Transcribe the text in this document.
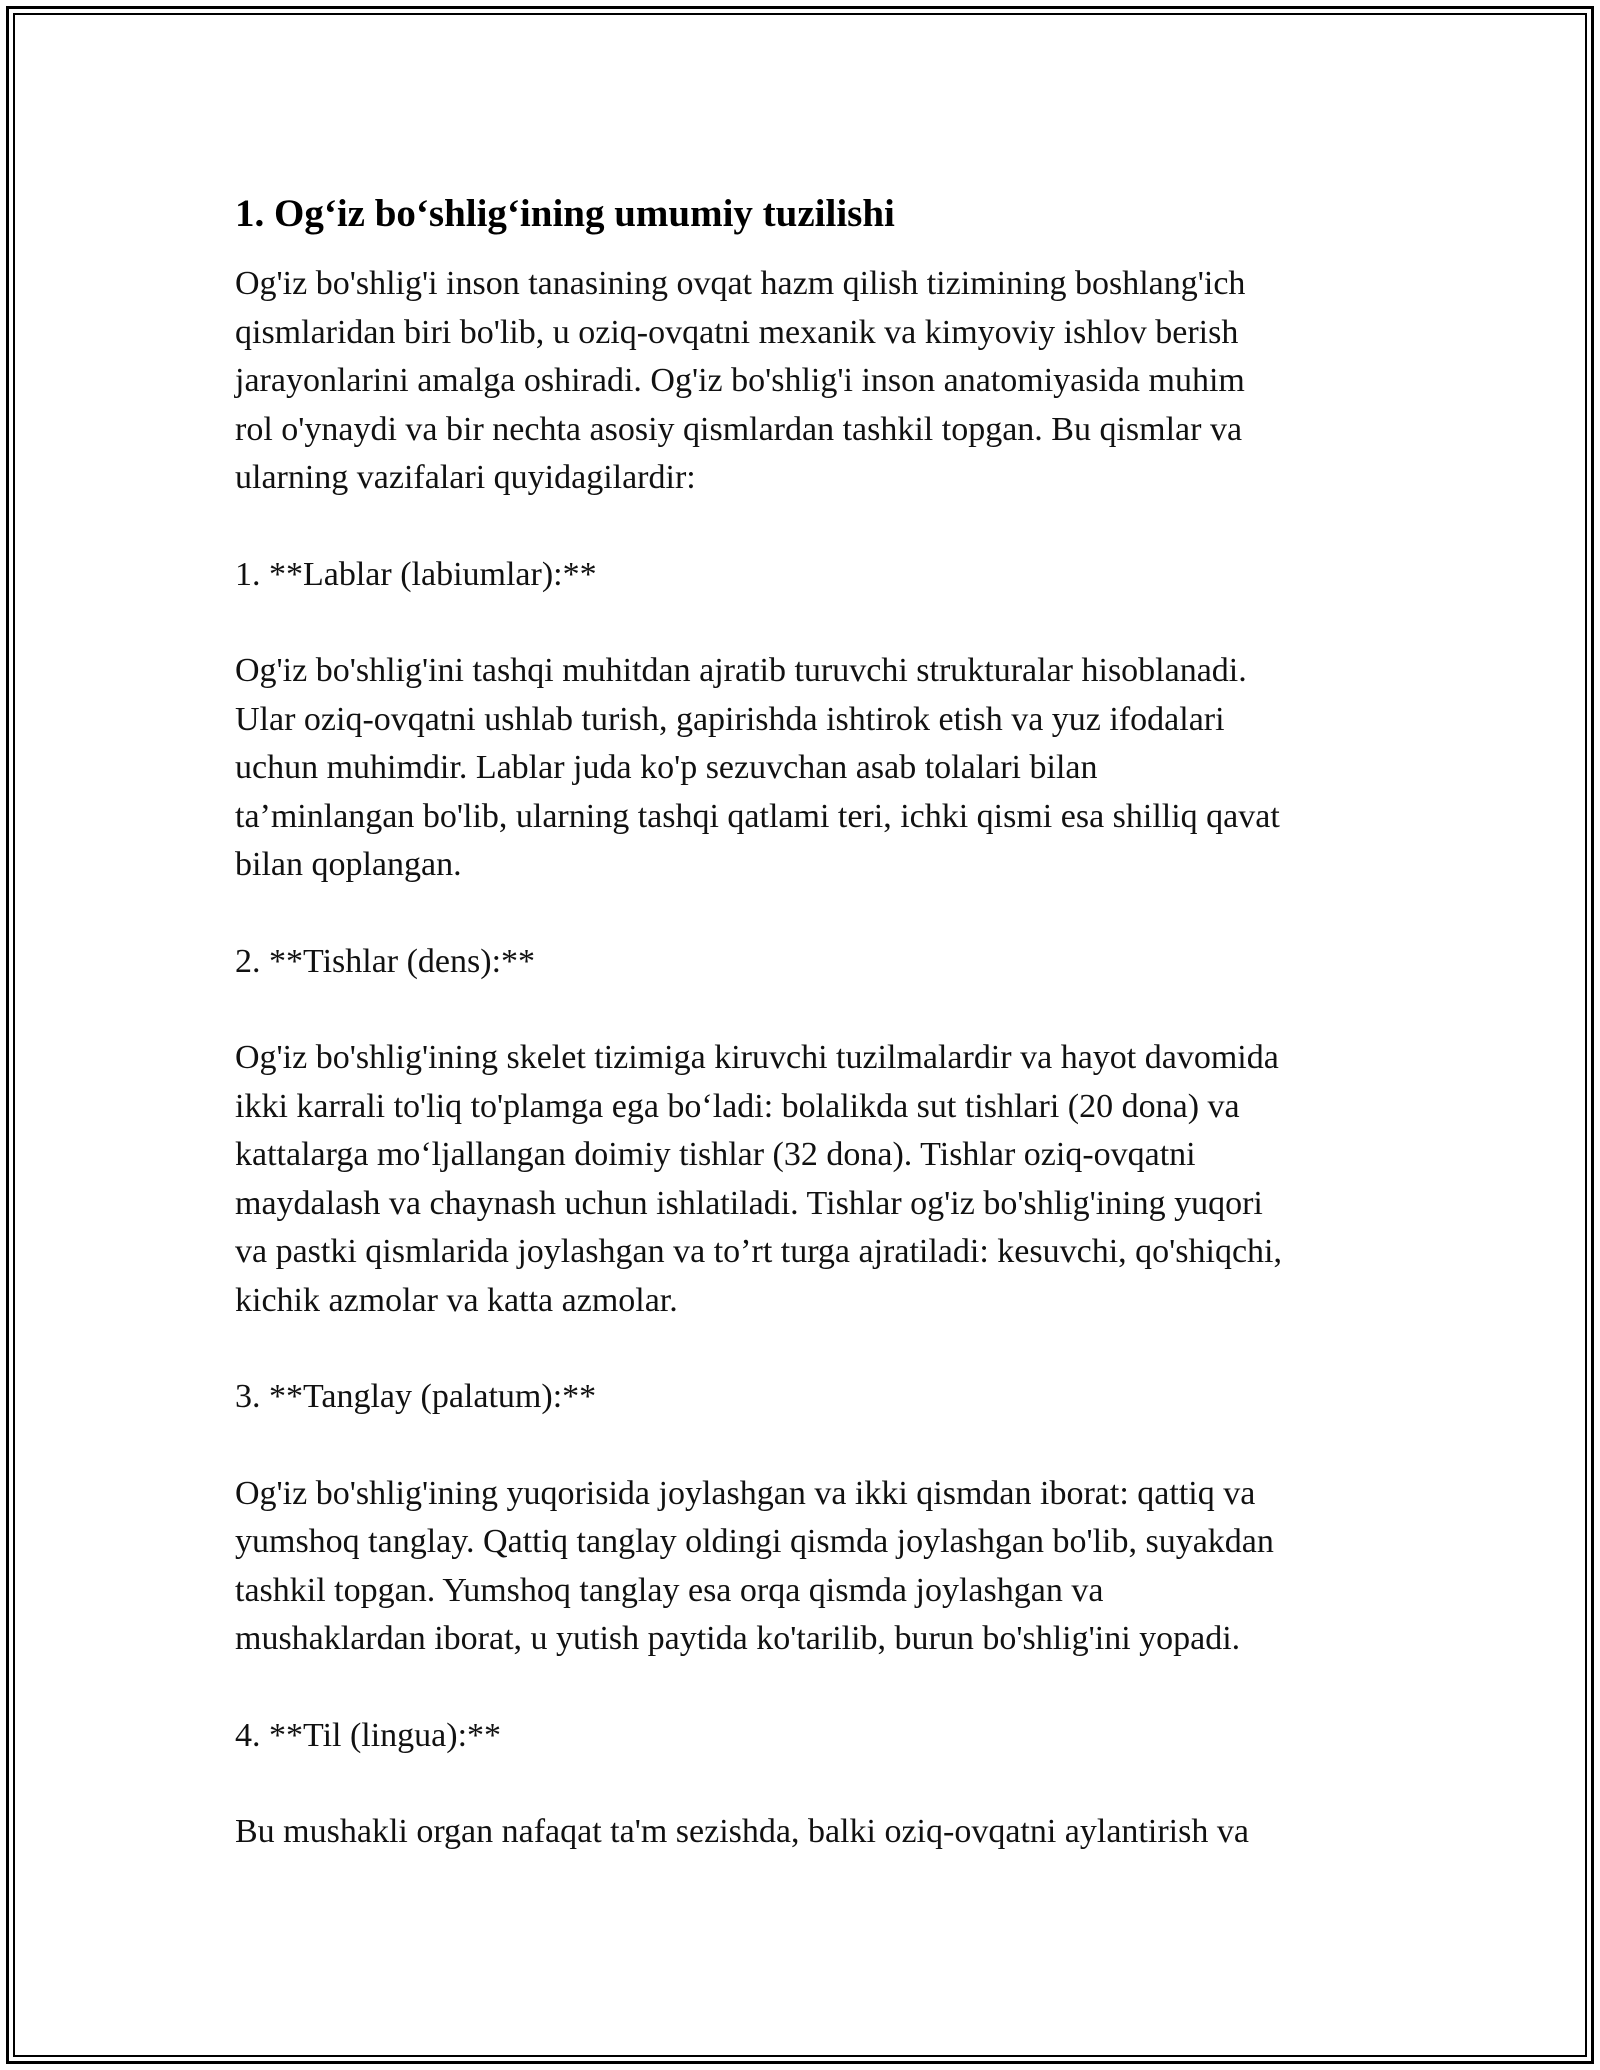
1. Og‘iz bo‘shlig‘ining umumiy tuzilishi

Og'iz bo'shlig'i inson tanasining ovqat hazm qilish tizimining boshlang'ich
qismlaridan biri bo'lib, u oziq-ovqatni mexanik va kimyoviy ishlov berish
jarayonlarini amalga oshiradi. Og'iz bo'shlig'i inson anatomiyasida muhim
rol o'ynaydi va bir nechta asosiy qismlardan tashkil topgan. Bu qismlar va
ularning vazifalari quyidagilardir:

1. **Lablar (labiumlar):**

Og'iz bo'shlig'ini tashqi muhitdan ajratib turuvchi strukturalar hisoblanadi.
Ular oziq-ovqatni ushlab turish, gapirishda ishtirok etish va yuz ifodalari
uchun muhimdir. Lablar juda ko'p sezuvchan asab tolalari bilan
ta’minlangan bo'lib, ularning tashqi qatlami teri, ichki qismi esa shilliq qavat
bilan qoplangan.

2. **Tishlar (dens):**

Og'iz bo'shlig'ining skelet tizimiga kiruvchi tuzilmalardir va hayot davomida
ikki karrali to'liq to'plamga ega bo‘ladi: bolalikda sut tishlari (20 dona) va
kattalarga mo‘ljallangan doimiy tishlar (32 dona). Tishlar oziq-ovqatni
maydalash va chaynash uchun ishlatiladi. Tishlar og'iz bo'shlig'ining yuqori
va pastki qismlarida joylashgan va to’rt turga ajratiladi: kesuvchi, qo'shiqchi,
kichik azmolar va katta azmolar.

3. **Tanglay (palatum):**

Og'iz bo'shlig'ining yuqorisida joylashgan va ikki qismdan iborat: qattiq va
yumshoq tanglay. Qattiq tanglay oldingi qismda joylashgan bo'lib, suyakdan
tashkil topgan. Yumshoq tanglay esa orqa qismda joylashgan va
mushaklardan iborat, u yutish paytida ko'tarilib, burun bo'shlig'ini yopadi.

4. **Til (lingua):**

Bu mushakli organ nafaqat ta'm sezishda, balki oziq-ovqatni aylantirish va
